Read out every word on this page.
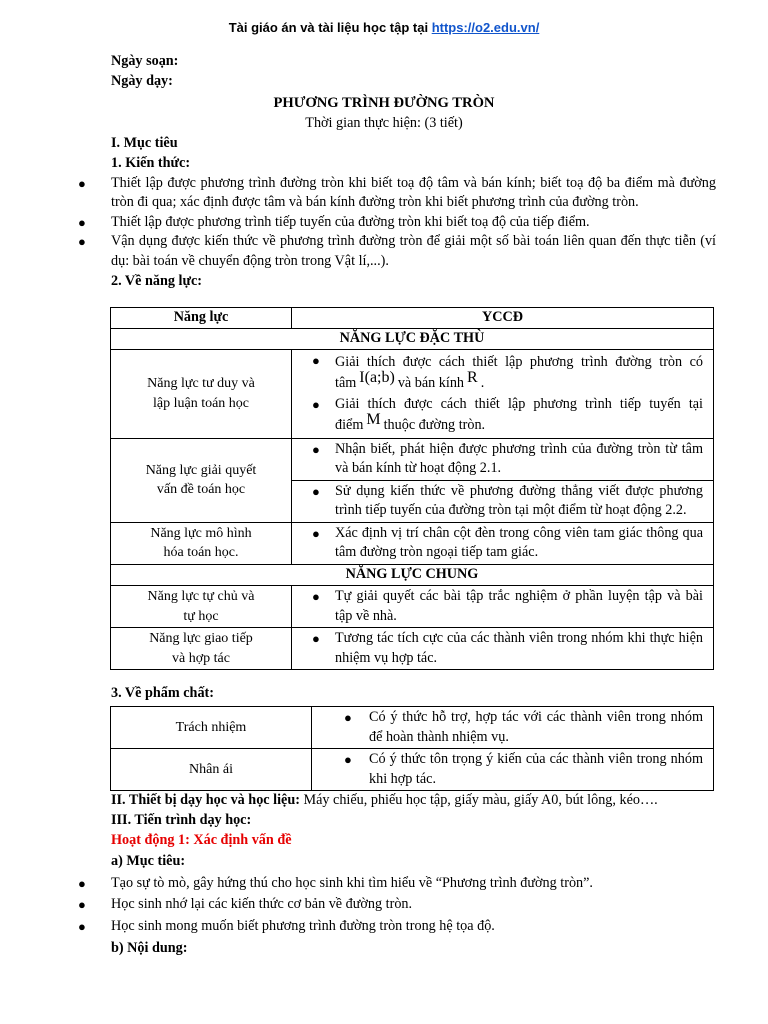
Tài giáo án và tài liệu học tập tại https://o2.edu.vn/
Ngày soạn:
Ngày dạy:
PHƯƠNG TRÌNH ĐƯỜNG TRÒN
Thời gian thực hiện: (3 tiết)
I. Mục tiêu
1. Kiến thức:
● Thiết lập được phương trình đường tròn khi biết toạ độ tâm và bán kính; biết toạ độ ba điểm mà đường tròn đi qua; xác định được tâm và bán kính đường tròn khi biết phương trình của đường tròn.
● Thiết lập được phương trình tiếp tuyến của đường tròn khi biết toạ độ của tiếp điểm.
● Vận dụng được kiến thức về phương trình đường tròn để giải một số bài toán liên quan đến thực tiễn (ví dụ: bài toán về chuyển động tròn trong Vật lí,...).
2. Về năng lực:
Năng lực	YCCĐ
NĂNG LỰC ĐẶC THÙ	
Năng lực tư duy và lập luận toán học	● Giải thích được cách thiết lập phương trình đường tròn có tâm I(a;b) và bán kính R .
● Giải thích được cách thiết lập phương trình tiếp tuyến tại điểm M thuộc đường tròn.

Năng lực giải quyết vấn đề toán học	● Nhận biết, phát hiện được phương trình của đường tròn từ tâm và bán kính từ hoạt động 2.1.
● Sử dụng kiến thức về phương đường thẳng viết được phương trình tiếp tuyến của đường tròn tại một điểm từ hoạt động 2.2.

Năng lực mô hình hóa toán học.	● Xác định vị trí chân cột đèn trong công viên tam giác thông qua tâm đường tròn ngoại tiếp tam giác.

NĂNG LỰC CHUNG	
Năng lực tự chủ và tự học	● Tự giải quyết các bài tập trắc nghiệm ở phần luyện tập và bài tập về nhà.

Năng lực giao tiếp và hợp tác	● Tương tác tích cực của các thành viên trong nhóm khi thực hiện nhiệm vụ hợp tác.
3. Về phẩm chất:
Trách nhiệm	● Có ý thức hỗ trợ, hợp tác với các thành viên trong nhóm để hoàn thành nhiệm vụ.

Nhân ái	● Có ý thức tôn trọng ý kiến của các thành viên trong nhóm khi hợp tác.
II. Thiết bị dạy học và học liệu: Máy chiếu, phiếu học tập, giấy màu, giấy A0, bút lông, kéo….
III. Tiến trình dạy học:
Hoạt động 1: Xác định vấn đề
a) Mục tiêu:
● Tạo sự tò mò, gây hứng thú cho học sinh khi tìm hiểu về “Phương trình đường tròn”.
● Học sinh nhớ lại các kiến thức cơ bản về đường tròn.
● Học sinh mong muốn biết phương trình đường tròn trong hệ tọa độ.
b) Nội dung:
